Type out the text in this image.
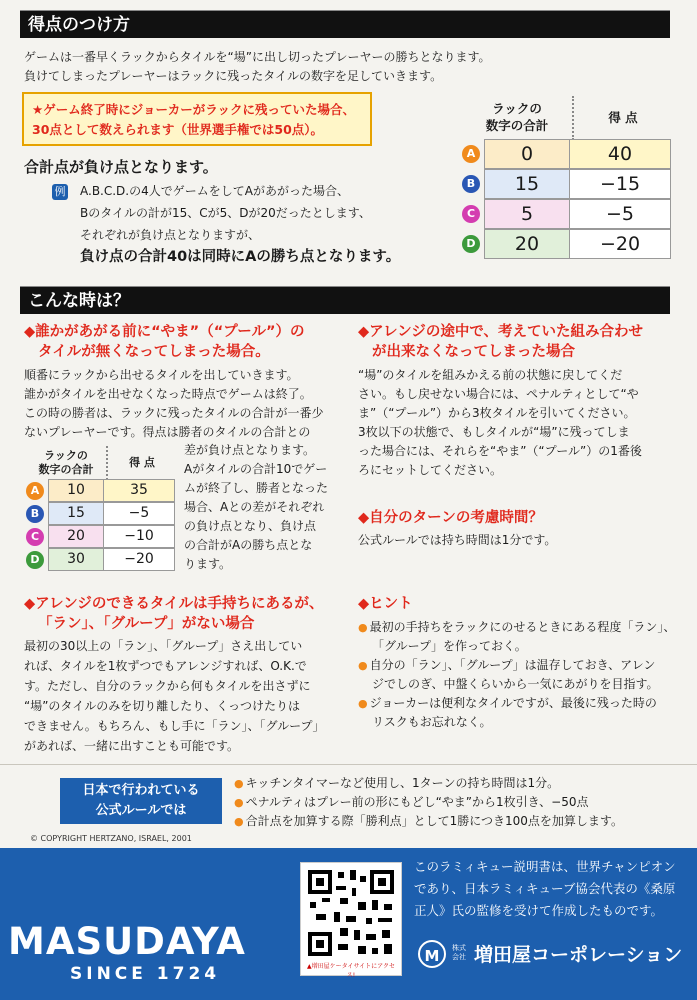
得点のつけ方

ゲームは一番早くラックからタイルを“場”に出し切ったプレーヤーの勝ちとなります。

負けてしまったプレーヤーはラックに残ったタイルの数字を足していきます。

★ゲーム終了時にジョーカーがラックに残っていた場合、
30点として数えられます（世界選手権では50点）。
合計点が負け点となります。
例 A.B.C.D.の4人でゲームをしてAがあがった場合、

Bのタイルの計が15、Cが5、Dが20だったとします、

それぞれが負け点となりますが、

負け点の合計40は同時にAの勝ち点となります。

ラックの
数字の合計
得 点
A	0	40
B	15	−15
C	5	−5
D	20	−20
こんな時は？

◆誰かがあがる前に“やま”（“プール”）の

タイルが無くなってしまった場合。

順番にラックから出せるタイルを出していきます。

誰かがタイルを出せなくなった時点でゲームは終了。

この時の勝者は、ラックに残ったタイルの合計が一番少

ないプレーヤーです。得点は勝者のタイルの合計との

ラックの
数字の合計
得 点
A	10	35
B	15	−5
C	20	−10
D	30	−20

差が負け点となります。

Aがタイルの合計10でゲー

ムが終了し、勝者となった

場合、Aとの差がそれぞれ

の負け点となり、負け点

の合計がAの勝ち点とな

ります。

◆アレンジのできるタイルは手持ちにあるが、

「ラン」、「グループ」がない場合

最初の30以上の「ラン」、「グループ」さえ出してい

れば、タイルを1枚ずつでもアレンジすれば、O.K.で

す。ただし、自分のラックから何もタイルを出さずに

“場”のタイルのみを切り離したり、くっつけたりは

できません。もちろん、もし手に「ラン」、「グループ」

があれば、一緒に出すことも可能です。

◆アレンジの途中で、考えていた組み合わせ

が出来なくなってしまった場合

“場”のタイルを組みかえる前の状態に戻してくだ

さい。もし戻せない場合には、ペナルティとして“や

ま”（“プール”）から3枚タイルを引いてください。

3枚以下の状態で、もしタイルが“場”に残ってしま

った場合には、それらを“やま”（“プール”）の1番後

ろにセットしてください。

◆自分のターンの考慮時間？

公式ルールでは持ち時間は1分です。

◆ヒント

● 最初の手持ちをラックにのせるときにある程度「ラン」、
「グループ」を作っておく。
● 自分の「ラン」、「グループ」は温存しておき、アレン
ジでしのぎ、中盤くらいから一気にあがりを目指す。
● ジョーカーは便利なタイルですが、最後に残った時の
リスクもお忘れなく。
日本で行われている
公式ルールでは
● キッチンタイマーなど使用し、1ターンの持ち時間は1分。
● ペナルティはプレー前の形にもどし“やま”から1枚引き、−50点
● 合計点を加算する際「勝利点」として1勝につき100点を加算します。
© COPYRIGHT HERTZANO, ISRAEL, 2001
MASUDAYA
SINCE 1724	▲増田屋ケータイサイトにアクセス!
このラミィキュー説明書は、世界チャンピオン
であり、日本ラミィキューブ協会代表の《桑原
正人》氏の監修を受けて作成したものです。
M	株式会社 増田屋コーポレーション
